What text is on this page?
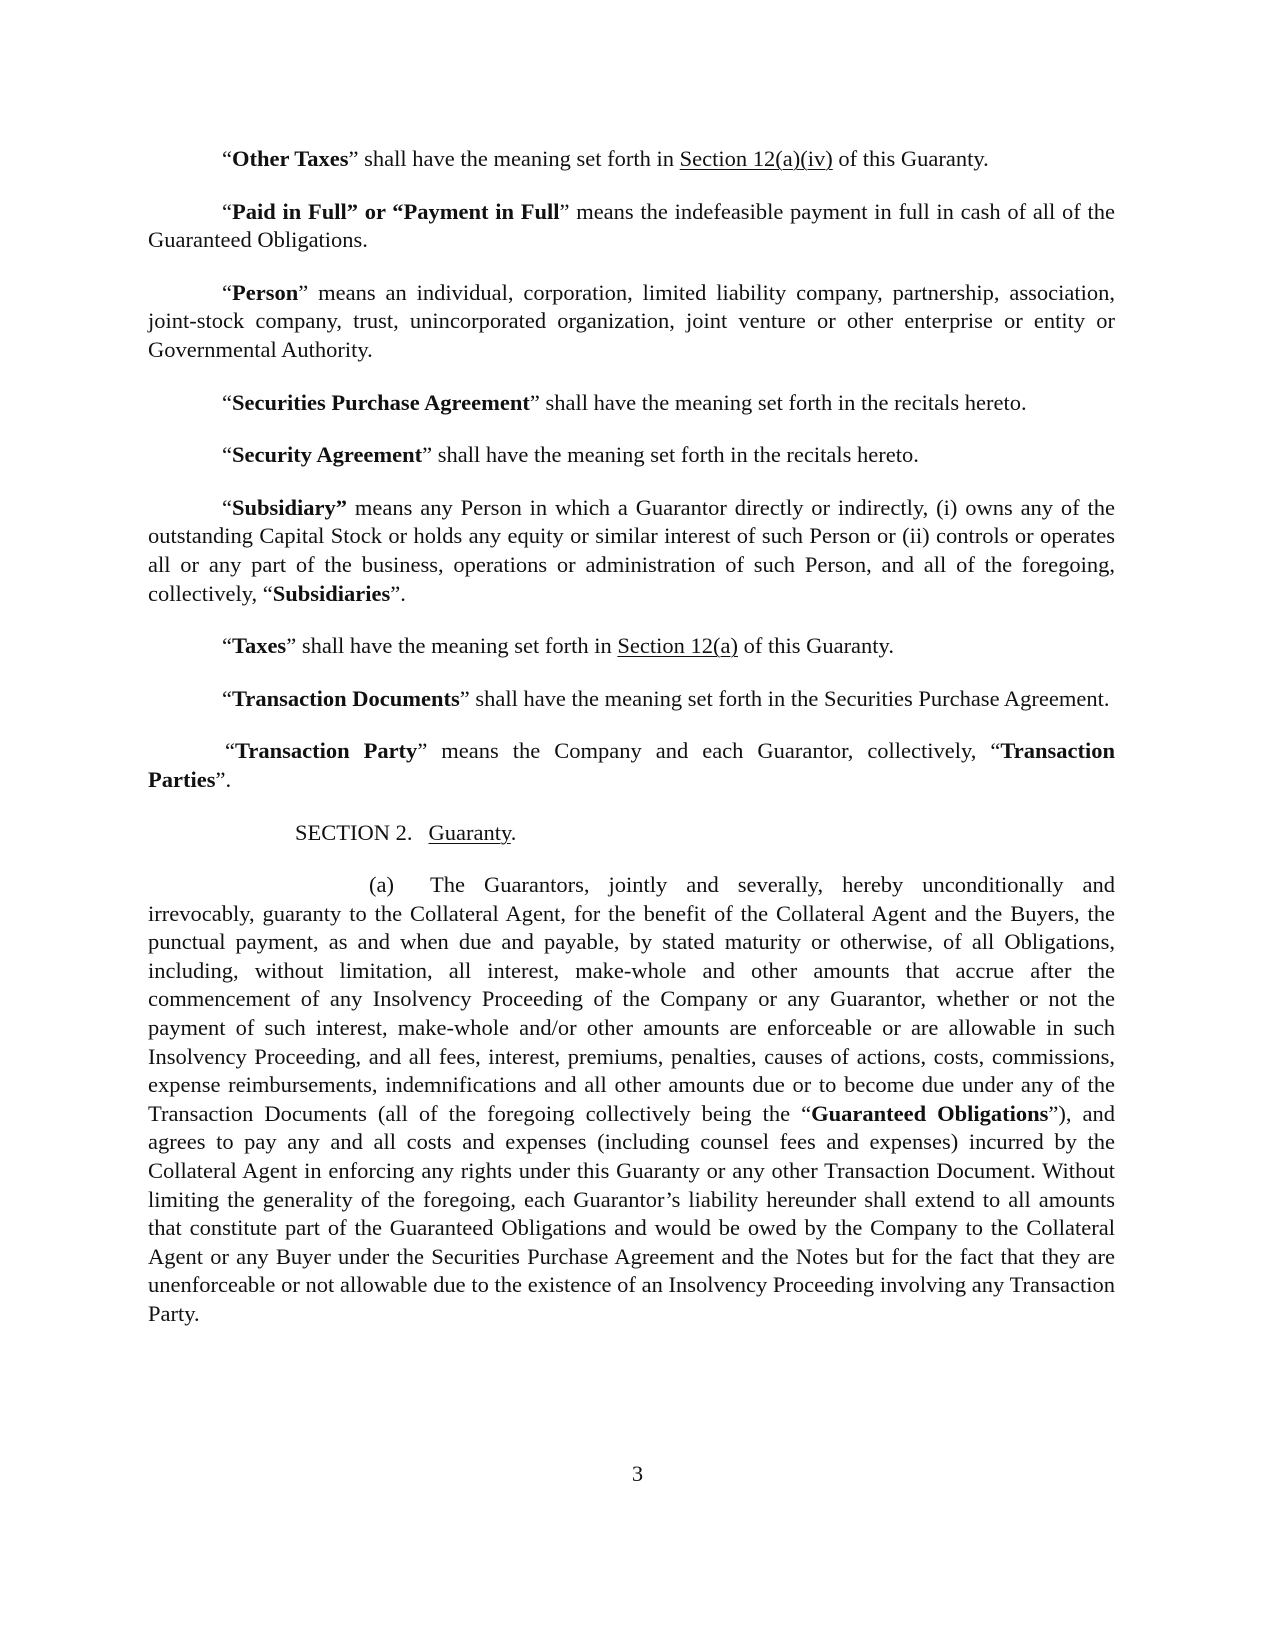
“Other Taxes” shall have the meaning set forth in Section 12(a)(iv) of this Guaranty.

“Paid in Full” or “Payment in Full” means the indefeasible payment in full in cash of all of the Guaranteed Obligations.

“Person” means an individual, corporation, limited liability company, partnership, association, joint-stock company, trust, unincorporated organization, joint venture or other enterprise or entity or Governmental Authority.

“Securities Purchase Agreement” shall have the meaning set forth in the recitals hereto.

“Security Agreement” shall have the meaning set forth in the recitals hereto.

“Subsidiary” means any Person in which a Guarantor directly or indirectly, (i) owns any of the outstanding Capital Stock or holds any equity or similar interest of such Person or (ii) controls or operates all or any part of the business, operations or administration of such Person, and all of the foregoing, collectively, “Subsidiaries”.

“Taxes” shall have the meaning set forth in Section 12(a) of this Guaranty.

“Transaction Documents” shall have the meaning set forth in the Securities Purchase Agreement.

“Transaction Party” means the Company and each Guarantor, collectively, “Transaction Parties”.

SECTION 2. Guaranty.

(a) The Guarantors, jointly and severally, hereby unconditionally and irrevocably, guaranty to the Collateral Agent, for the benefit of the Collateral Agent and the Buyers, the punctual payment, as and when due and payable, by stated maturity or otherwise, of all Obligations, including, without limitation, all interest, make-whole and other amounts that accrue after the commencement of any Insolvency Proceeding of the Company or any Guarantor, whether or not the payment of such interest, make-whole and/or other amounts are enforceable or are allowable in such Insolvency Proceeding, and all fees, interest, premiums, penalties, causes of actions, costs, commissions, expense reimbursements, indemnifications and all other amounts due or to become due under any of the Transaction Documents (all of the foregoing collectively being the “Guaranteed Obligations”), and agrees to pay any and all costs and expenses (including counsel fees and expenses) incurred by the Collateral Agent in enforcing any rights under this Guaranty or any other Transaction Document. Without limiting the generality of the foregoing, each Guarantor’s liability hereunder shall extend to all amounts that constitute part of the Guaranteed Obligations and would be owed by the Company to the Collateral Agent or any Buyer under the Securities Purchase Agreement and the Notes but for the fact that they are unenforceable or not allowable due to the existence of an Insolvency Proceeding involving any Transaction Party.

3
